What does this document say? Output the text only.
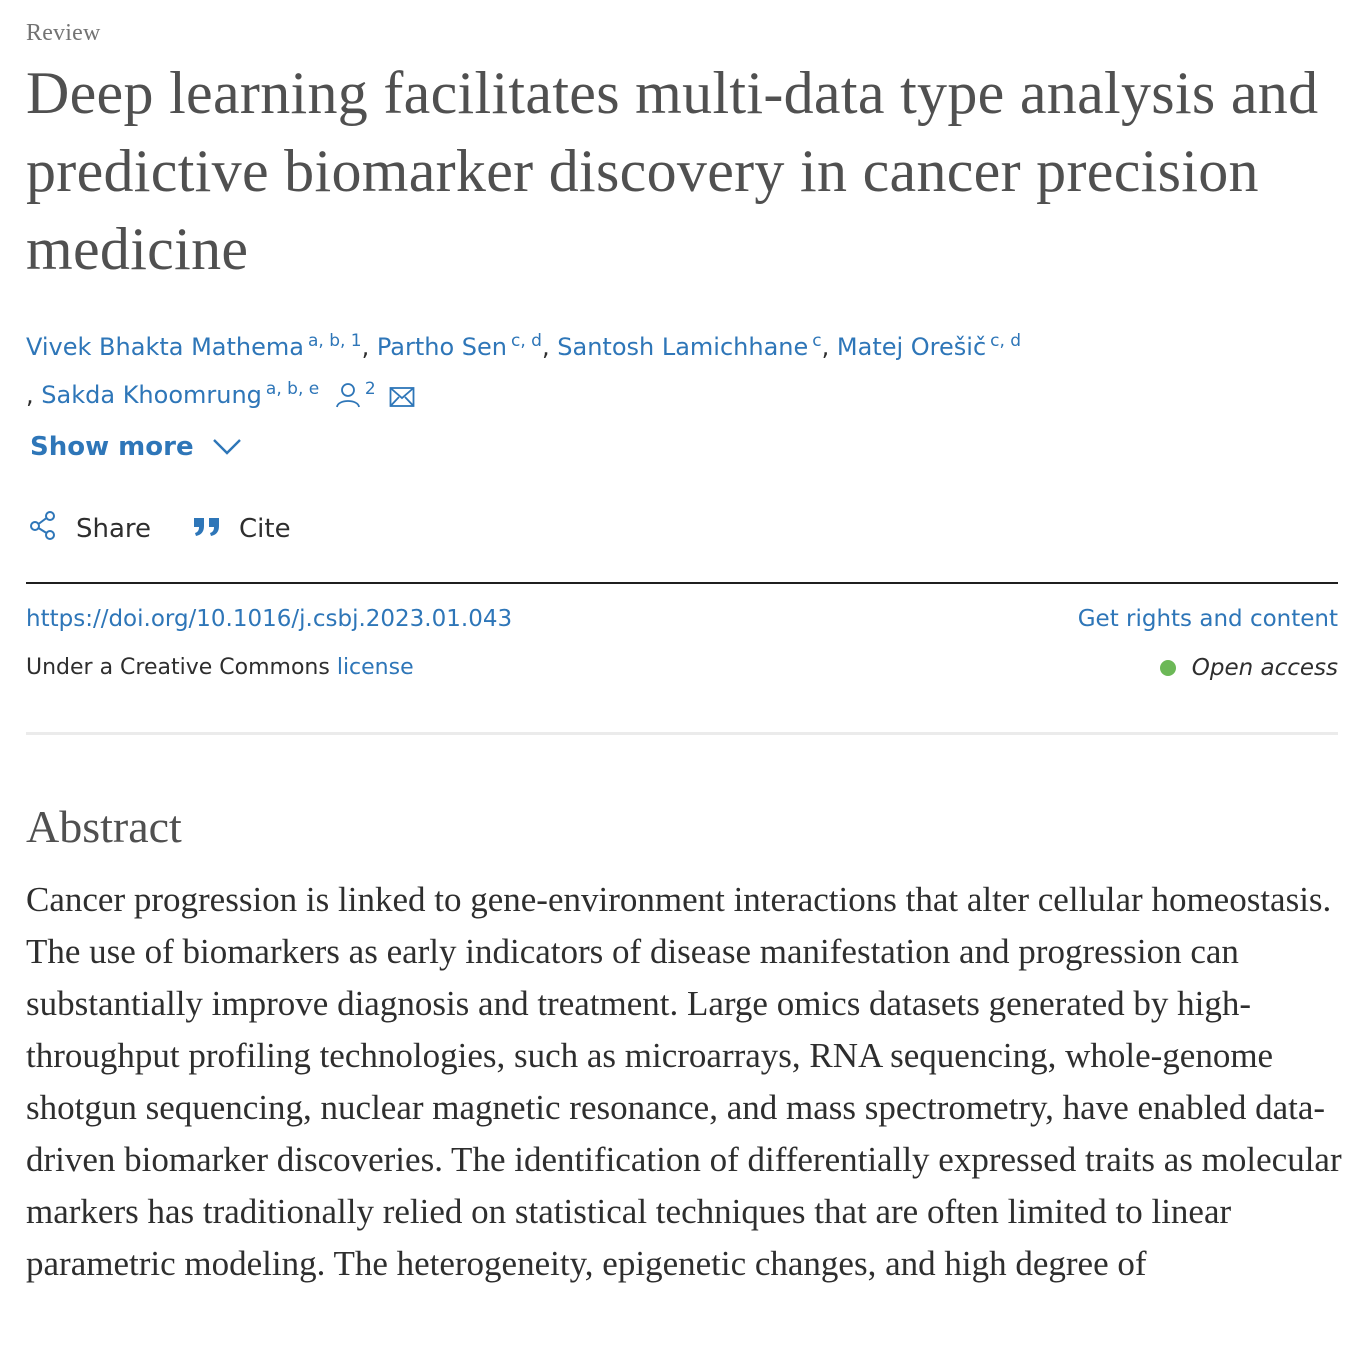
Review
Deep learning facilitates multi-data type analysis and predictive biomarker discovery in cancer precision medicine
Vivek Bhakta Mathema $^{a, b, 1}$, Partho Sen $^{c, d}$, Santosh Lamichhane $^c$, Matej Orešič $^{c, d}$
, Sakda Khoomrung $^{a, b, e}$	$^2$
Show more
Share	Cite
https://doi.org/10.1016/j.csbj.2023.01.043	Get rights and content
Under a Creative Commons license	Open access
Abstract

Cancer progression is linked to gene-environment interactions that alter cellular homeostasis. The use of biomarkers as early indicators of disease manifestation and progression can substantially improve diagnosis and treatment. Large omics datasets generated by high-throughput profiling technologies, such as microarrays, RNA sequencing, whole-genome shotgun sequencing, nuclear magnetic resonance, and mass spectrometry, have enabled data-driven biomarker discoveries. The identification of differentially expressed traits as molecular markers has traditionally relied on statistical techniques that are often limited to linear parametric modeling. The heterogeneity, epigenetic changes, and high degree of
